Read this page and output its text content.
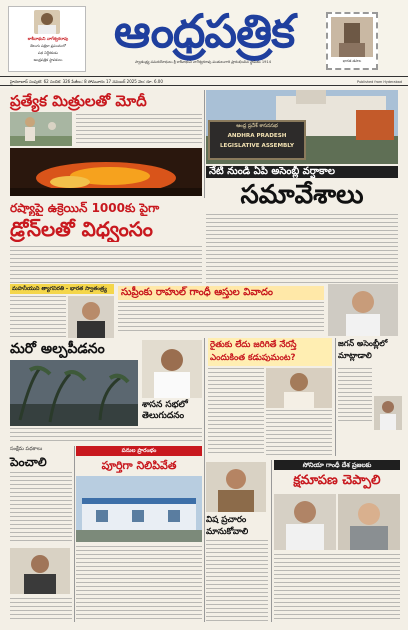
కాశీనాథుని నాగేశ్వరరావు
తెలుగు పత్రికా ప్రపంచంలో
పథ నిర్దేశకుడు
ఆంధ్రపత్రిక స్థాపకులు
ఆంధ్రపత్రిక
స్వాతంత్ర్య సమరయోధులు శ్రీ కాశీనాథుని నాగేశ్వరరావు పంతులుగారి ప్రారంభించిన స్థాపితం 1914	భారత తపాల
హైదరాబాద్ సంపుటి: 62 సంచిక: 326 పేజీలు: 8 సోమవారం 17 నవంబర్ 2025 వెల: రూ. 6.00	Published from Hyderabad
ప్రత్యేక మిత్రులతో మోదీ
ఆంధ్ర ప్రదేశ్ శాసనసభ
ANDHRA PRADESH
LEGISLATIVE ASSEMBLY
నేటి నుండి ఏపి అసెంబ్లీ వర్షాకాల
సమావేశాలు
రష్యాపై ఉక్రెయిన్ 1000కు పైగా
డ్రోన్‌లతో విధ్వంసం
సుప్రీంకు రాహుల్ గాంధీ ఆస్తుల వివాదం
మహనీయుని త్యాగనిరతి - భారత స్వాతంత్ర్య
మరో అల్పపీడనం
శాసన సభలో తెలుగుదనం
రైతుకు లేదు జరిగితే నేరస్తే ఎందుకింత కడుపుమంట?
జగన్ అసెంబ్లీలో మాట్లాడాలి
సంక్షేమ పథకాలు
పెంచాలి
పనుల ప్రారంభం
పూర్తిగా నిలిపివేత
విష ప్రచారం మానుకోవాలి
సోనియా గాంధీ దేశ ప్రజలకు
క్షమాపణ చెప్పాలి
